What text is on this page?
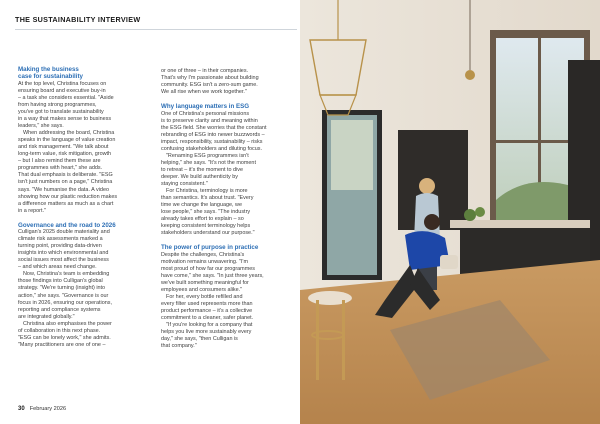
THE SUSTAINABILITY INTERVIEW
Making the business
case for sustainability

At the top level, Christina focuses on
ensuring board and executive buy-in
– a task she considers essential. "Aside
from having strong programmes,
you've got to translate sustainability
in a way that makes sense to business
leaders," she says.

When addressing the board, Christina
speaks in the language of value creation
and risk management. "We talk about
long-term value, risk mitigation, growth
– but I also remind them these are
programmes with heart," she adds.
That dual emphasis is deliberate. "ESG
isn't just numbers on a page," Christina
says. "We humanise the data. A video
showing how our plastic reduction makes
a difference matters as much as a chart
in a report."

Governance and the road to 2026

Culligan's 2025 double materiality and
climate risk assessments marked a
turning point, providing data-driven
insights into which environmental and
social issues most affect the business
– and which areas need change.

Now, Christina's team is embedding
those findings into Culligan's global
strategy. "We're turning (insight) into
action," she says. "Governance is our
focus in 2026, ensuring our operations,
reporting and compliance systems
are integrated globally."

Christina also emphasises the power
of collaboration in this next phase.
"ESG can be lonely work," she admits.
"Many practitioners are one of one –

or one of three – in their companies.
That's why I'm passionate about building
community. ESG isn't a zero-sum game.
We all rise when we work together."

Why language matters in ESG

One of Christina's personal missions
is to preserve clarity and meaning within
the ESG field. She worries that the constant
rebranding of ESG into newer buzzwords –
impact, responsibility, sustainability – risks
confusing stakeholders and diluting focus.

"Renaming ESG programmes isn't
helping," she says. "It's not the moment
to retreat – it's the moment to dive
deeper. We build authenticity by
staying consistent."

For Christina, terminology is more
than semantics. It's about trust. "Every
time we change the language, we
lose people," she says. "The industry
already takes effort to explain – so
keeping consistent terminology helps
stakeholders understand our purpose."

The power of purpose in practice

Despite the challenges, Christina's
motivation remains unwavering. "I'm
most proud of how far our programmes
have come," she says. "In just three years,
we've built something meaningful for
employees and consumers alike."

For her, every bottle refilled and
every filter used represents more than
product performance – it's a collective
commitment to a cleaner, safer planet.

"If you're looking for a company that
helps you live more sustainably every
day," she says, "then Culligan is
that company."

30 February 2026
